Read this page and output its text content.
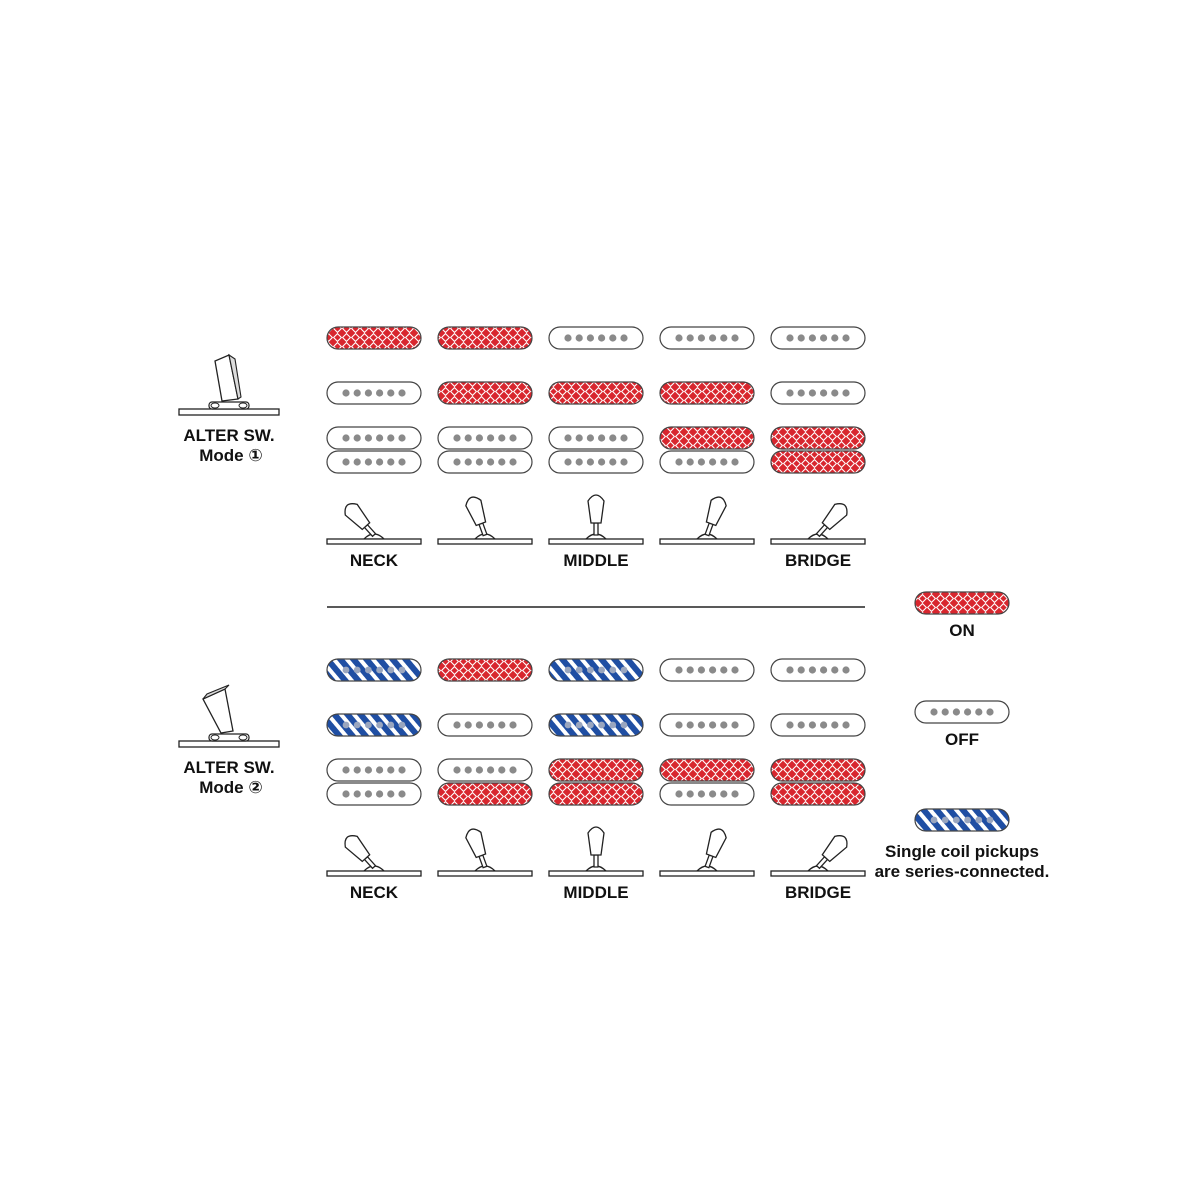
ALTER SW.
Mode ①
NECK	MIDDLE	BRIDGE
ALTER SW.
Mode ②
NECK	MIDDLE	BRIDGE
ON
OFF
Single coil pickups
are series-connected.
